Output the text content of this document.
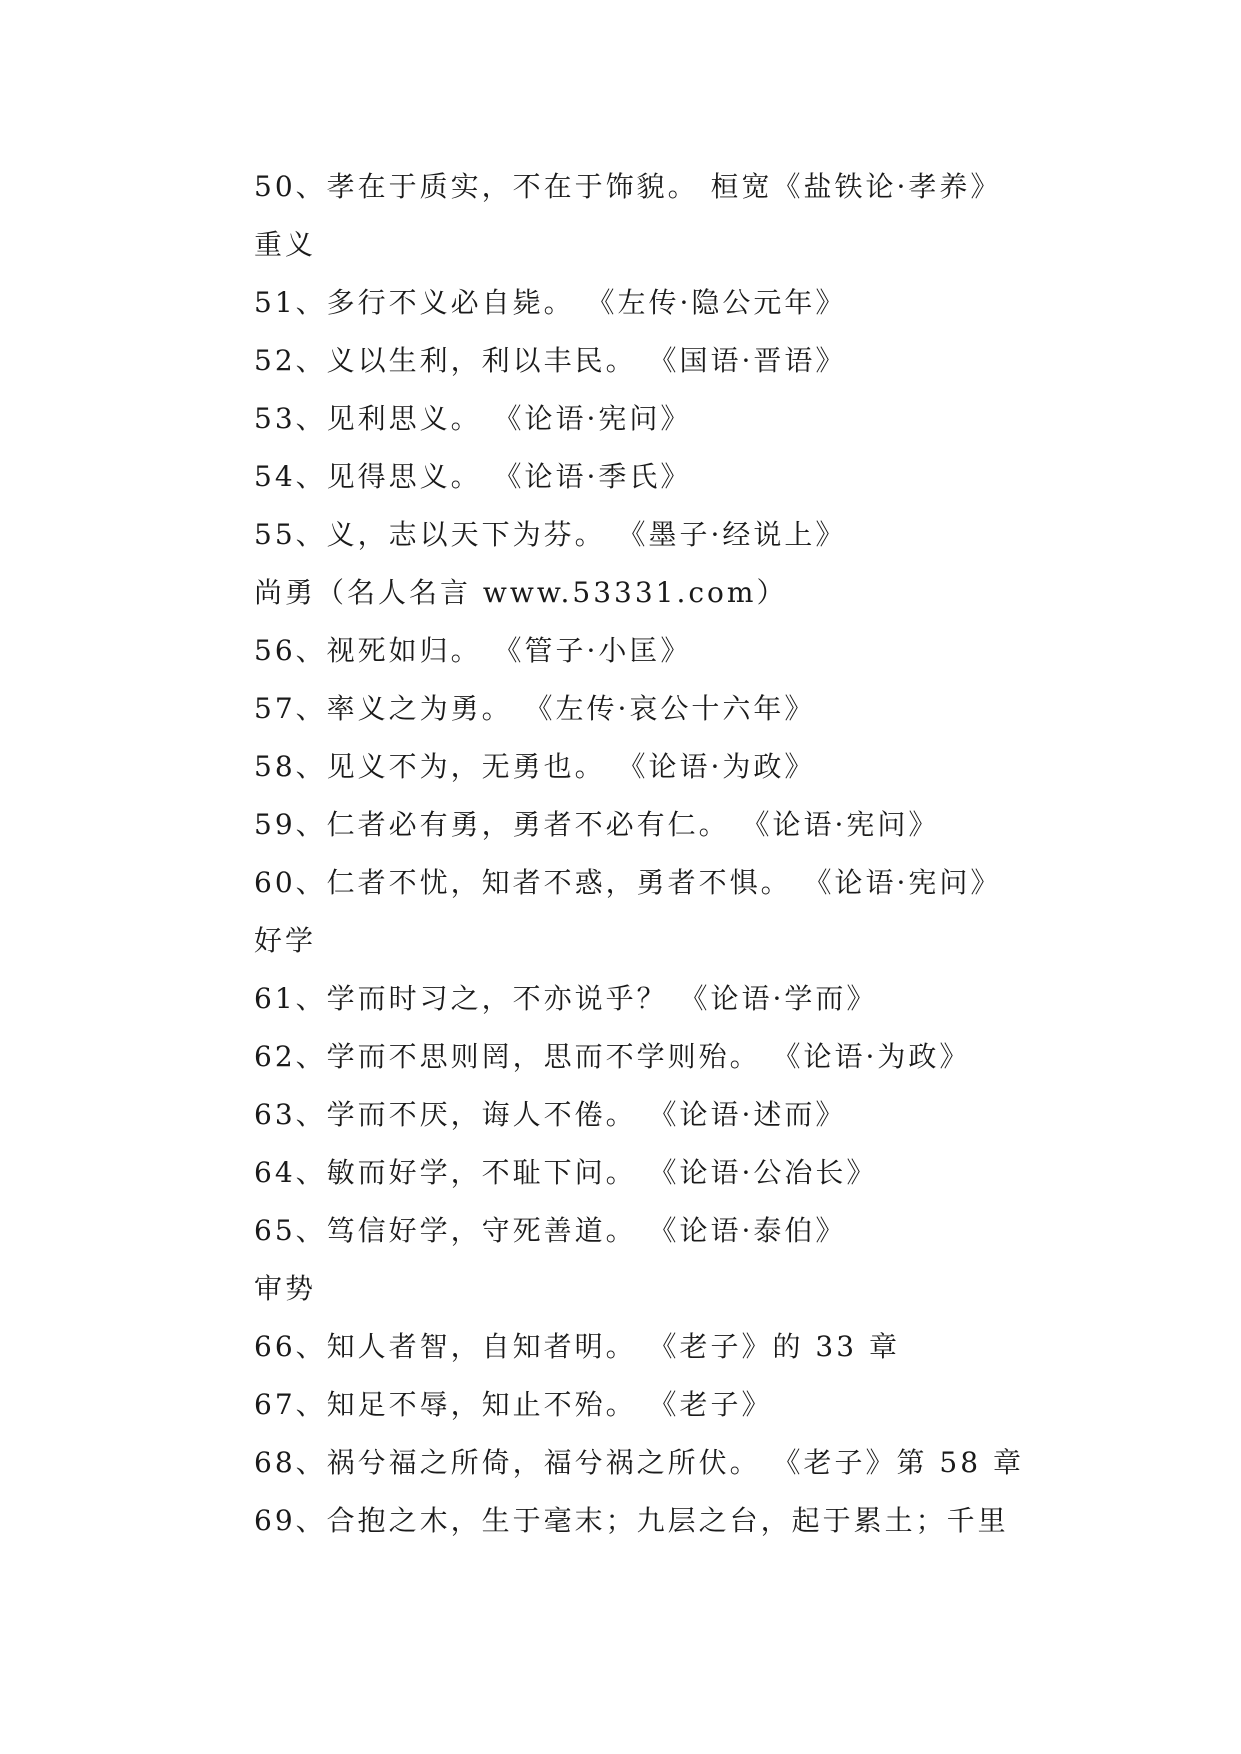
50、孝在于质实，不在于饰貌。 桓宽《盐铁论·孝养》
重义
51、多行不义必自毙。 《左传·隐公元年》
52、义以生利，利以丰民。 《国语·晋语》
53、见利思义。 《论语·宪问》
54、见得思义。 《论语·季氏》
55、义，志以天下为芬。 《墨子·经说上》
尚勇（名人名言 www.53331.com）
56、视死如归。 《管子·小匡》
57、率义之为勇。 《左传·哀公十六年》
58、见义不为，无勇也。 《论语·为政》
59、仁者必有勇，勇者不必有仁。 《论语·宪问》
60、仁者不忧，知者不惑，勇者不惧。 《论语·宪问》
好学
61、学而时习之，不亦说乎？ 《论语·学而》
62、学而不思则罔，思而不学则殆。 《论语·为政》
63、学而不厌，诲人不倦。 《论语·述而》
64、敏而好学，不耻下问。 《论语·公冶长》
65、笃信好学，守死善道。 《论语·泰伯》
审势
66、知人者智，自知者明。 《老子》的 33 章
67、知足不辱，知止不殆。 《老子》
68、祸兮福之所倚，福兮祸之所伏。 《老子》第 58 章
69、合抱之木，生于毫末；九层之台，起于累土；千里
